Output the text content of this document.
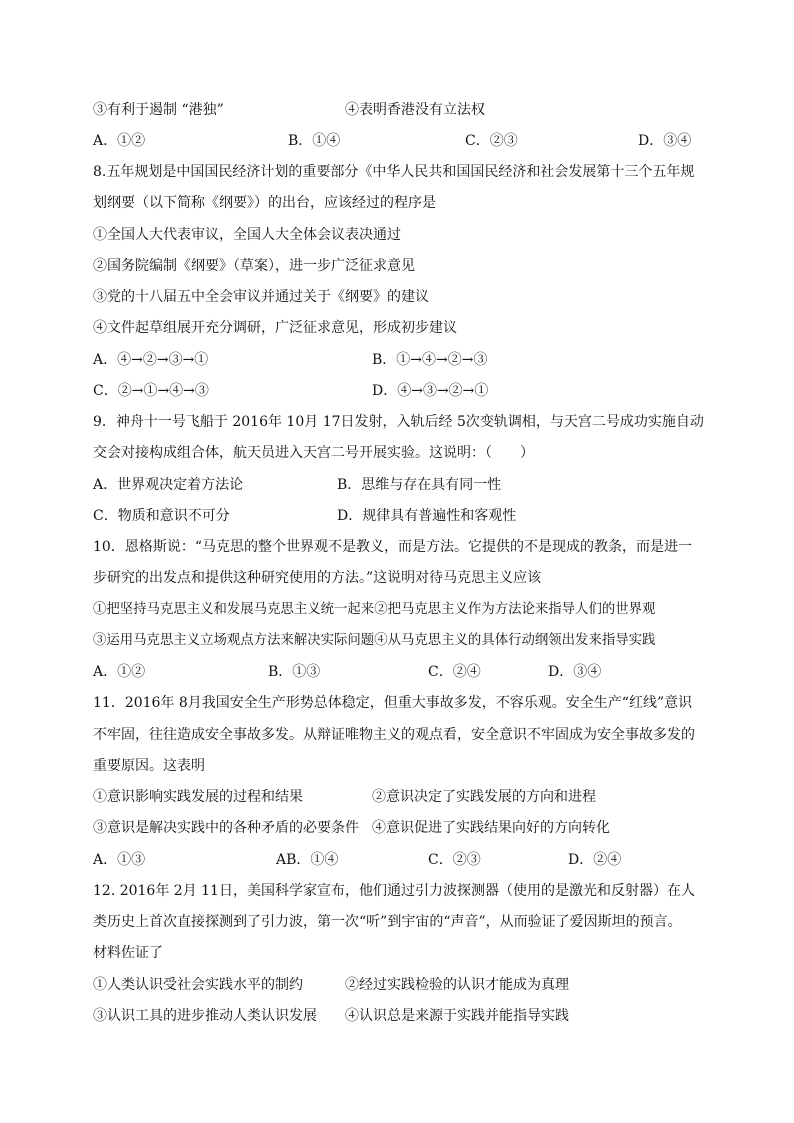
③有利于遏制 “港独”	④表明香港没有立法权
A．①②	B．①④	C．②③	D．③④
8.五年规划是中国国民经济计划的重要部分《中华人民共和国国民经济和社会发展第十三个五年规
划纲要（以下简称《纲要》）的出台，应该经过的程序是
①全国人大代表审议，全国人大全体会议表决通过
②国务院编制《纲要》（草案），进一步广泛征求意见
③党的十八届五中全会审议并通过关于《纲要》的建议
④文件起草组展开充分调研，广泛征求意见，形成初步建议
A．④→②→③→①	B．①→④→②→③
C．②→①→④→③	D．④→③→②→①
9．神舟十一号飞船于 2016年 10月 17日发射，入轨后经 5次变轨调相，与天宫二号成功实施自动
交会对接构成组合体，航天员进入天宫二号开展实验。这说明：（　　）
A．世界观决定着方法论	B．思维与存在具有同一性
C．物质和意识不可分	D．规律具有普遍性和客观性
10．恩格斯说：“马克思的整个世界观不是教义，而是方法。它提供的不是现成的教条，而是进一
步研究的出发点和提供这种研究使用的方法。”这说明对待马克思主义应该
①把坚持马克思主义和发展马克思主义统一起来②把马克思主义作为方法论来指导人们的世界观
③运用马克思主义立场观点方法来解决实际问题④从马克思主义的具体行动纲领出发来指导实践
A．①②	B．①③	C．②④	D．③④
11．2016年 8月我国安全生产形势总体稳定，但重大事故多发，不容乐观。安全生产“红线”意识
不牢固，往往造成安全事故多发。从辩证唯物主义的观点看，安全意识不牢固成为安全事故多发的
重要原因。这表明
①意识影响实践发展的过程和结果	②意识决定了实践发展的方向和进程
③意识是解决实践中的各种矛盾的必要条件 ④意识促进了实践结果向好的方向转化
A．①③	AB．①④	C．②③	D．②④
12. 2016年 2月 11日，美国科学家宣布，他们通过引力波探测器（使用的是激光和反射器）在人
类历史上首次直接探测到了引力波，第一次“听”到宇宙的“声音”，从而验证了爱因斯坦的预言。
材料佐证了
①人类认识受社会实践水平的制约	②经过实践检验的认识才能成为真理
③认识工具的进步推动人类认识发展 ④认识总是来源于实践并能指导实践
